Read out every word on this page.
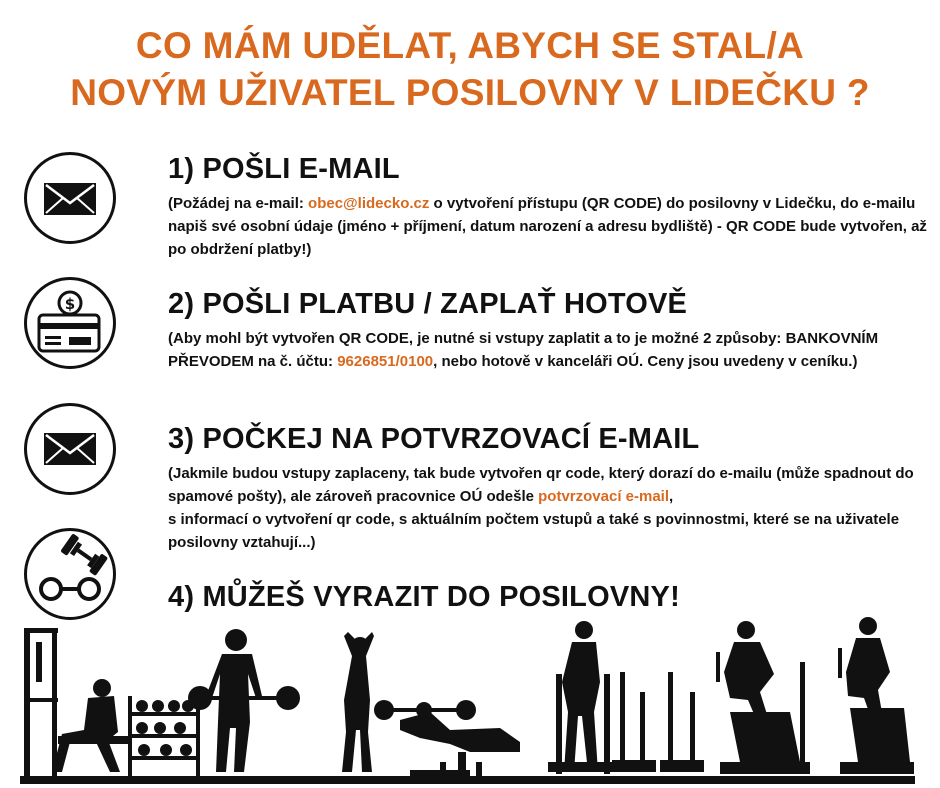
CO MÁM UDĚLAT, ABYCH SE STAL/A
NOVÝM UŽIVATEL POSILOVNY V LIDEČKU ?
1) POŠLI E-MAIL

(Požádej na e-mail: obec@lidecko.cz o vytvoření přístupu (QR CODE) do posilovny v Lidečku, do e-mailu napiš své osobní údaje (jméno + příjmení, datum narození a adresu bydliště) - QR CODE bude vytvořen, až po obdržení platby!)

$	2) POŠLI PLATBU / ZAPLAŤ HOTOVĚ

(Aby mohl být vytvořen QR CODE, je nutné si vstupy zaplatit a to je možné 2 způsoby: BANKOVNÍM PŘEVODEM na č. účtu: 9626851/0100, nebo hotově v kanceláři OÚ. Ceny jsou uvedeny v ceníku.)

3) POČKEJ NA POTVRZOVACÍ E-MAIL

(Jakmile budou vstupy zaplaceny, tak bude vytvořen qr code, který dorazí do e-mailu (může spadnout do spamové pošty), ale zároveň pracovnice OÚ odešle potvrzovací e-mail,
s informací o vytvoření qr code, s aktuálním počtem vstupů a také s povinnostmi, které se na uživatele posilovny vztahují...)

4) MŮŽEŠ VYRAZIT DO POSILOVNY!
